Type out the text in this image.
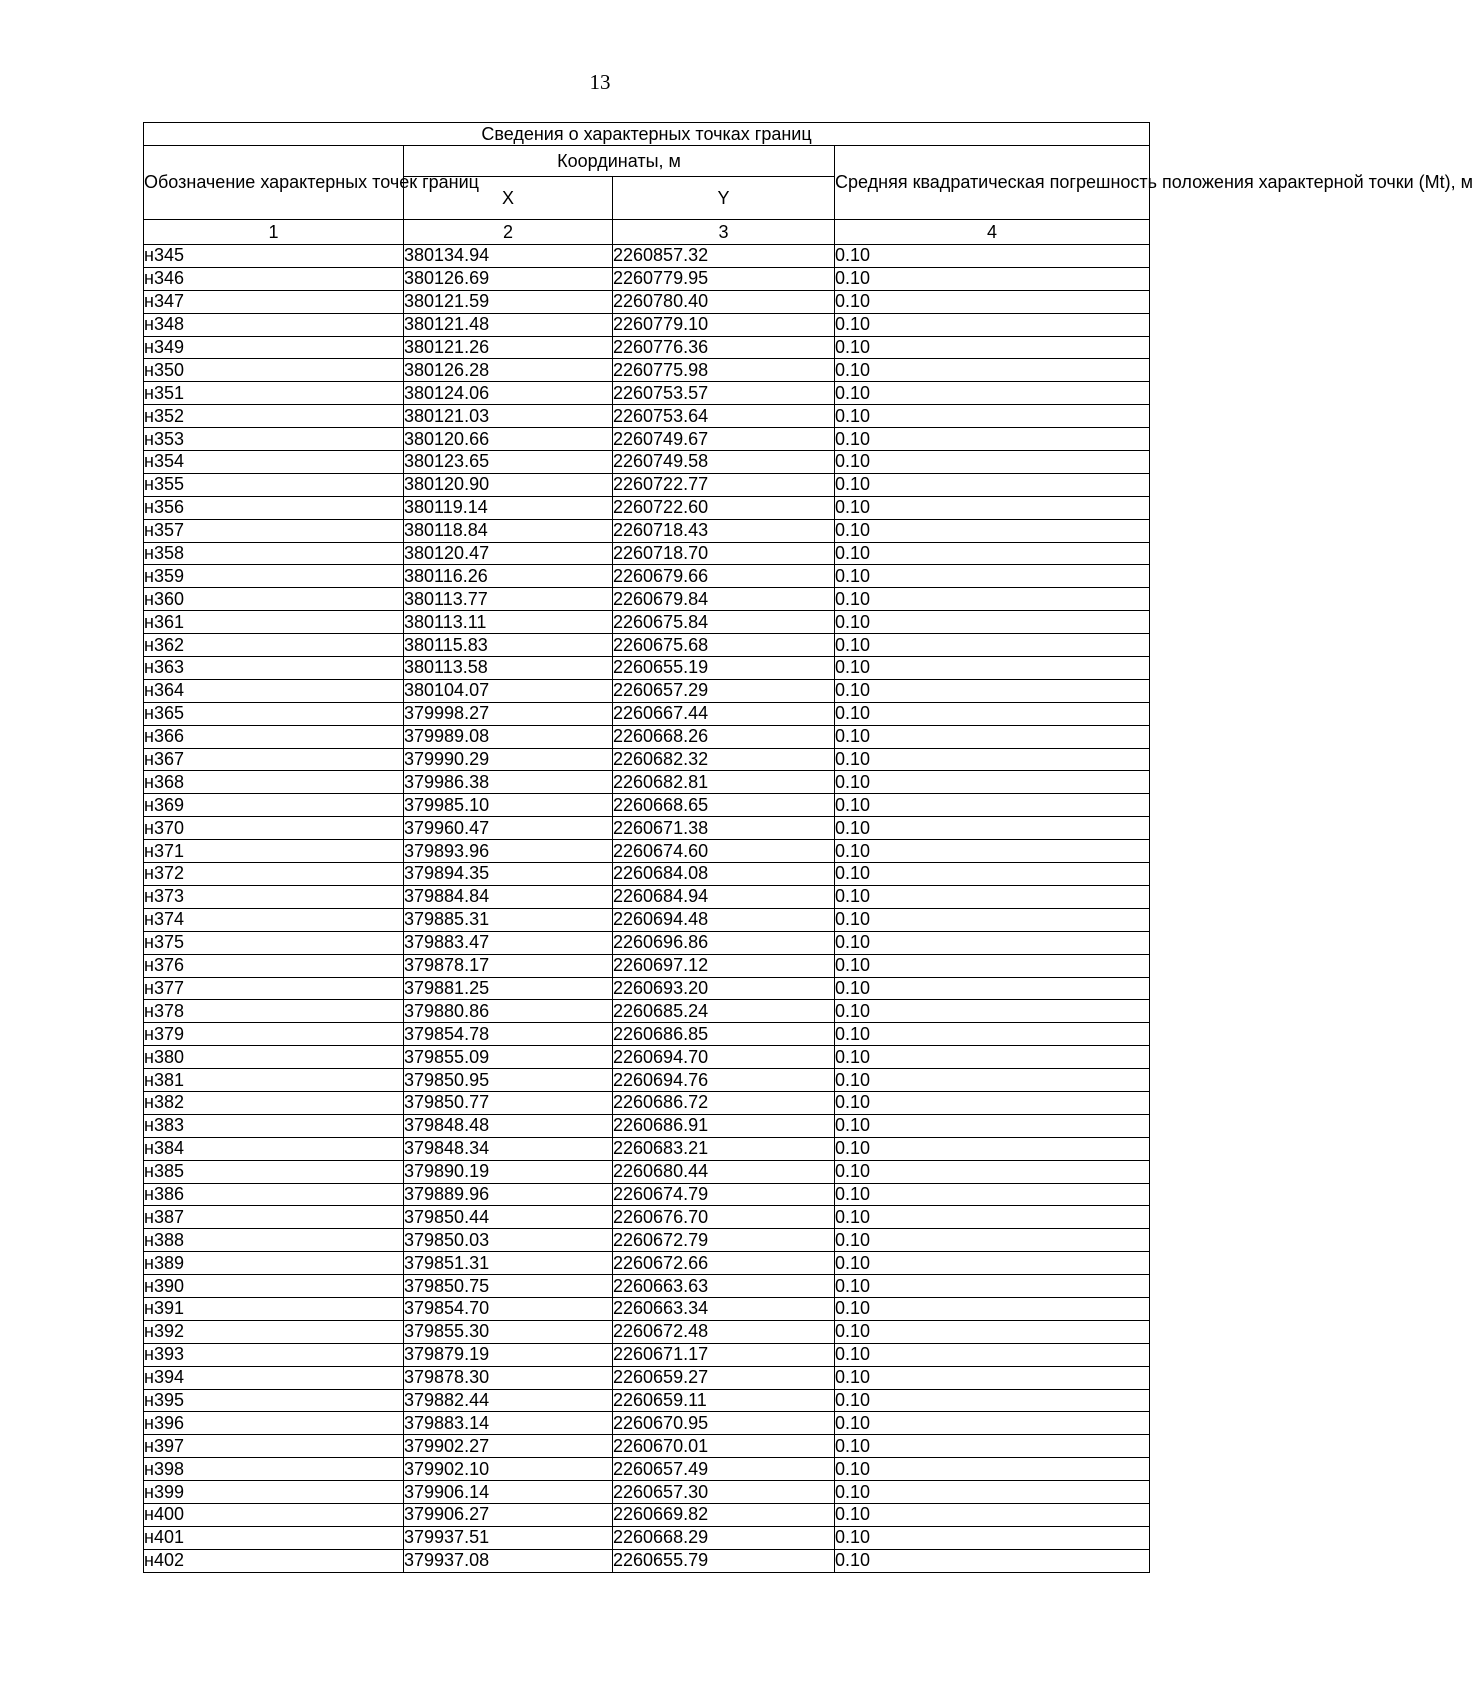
13
Сведения о характерных точках границ			
Обозначение характерных точек границ	Координаты, м		Средняя квадратическая погрешность положения характерной точки (Mt), м
	X	Y	
1	2	3	4
н345	380134.94	2260857.32	0.10
н346	380126.69	2260779.95	0.10
н347	380121.59	2260780.40	0.10
н348	380121.48	2260779.10	0.10
н349	380121.26	2260776.36	0.10
н350	380126.28	2260775.98	0.10
н351	380124.06	2260753.57	0.10
н352	380121.03	2260753.64	0.10
н353	380120.66	2260749.67	0.10
н354	380123.65	2260749.58	0.10
н355	380120.90	2260722.77	0.10
н356	380119.14	2260722.60	0.10
н357	380118.84	2260718.43	0.10
н358	380120.47	2260718.70	0.10
н359	380116.26	2260679.66	0.10
н360	380113.77	2260679.84	0.10
н361	380113.11	2260675.84	0.10
н362	380115.83	2260675.68	0.10
н363	380113.58	2260655.19	0.10
н364	380104.07	2260657.29	0.10
н365	379998.27	2260667.44	0.10
н366	379989.08	2260668.26	0.10
н367	379990.29	2260682.32	0.10
н368	379986.38	2260682.81	0.10
н369	379985.10	2260668.65	0.10
н370	379960.47	2260671.38	0.10
н371	379893.96	2260674.60	0.10
н372	379894.35	2260684.08	0.10
н373	379884.84	2260684.94	0.10
н374	379885.31	2260694.48	0.10
н375	379883.47	2260696.86	0.10
н376	379878.17	2260697.12	0.10
н377	379881.25	2260693.20	0.10
н378	379880.86	2260685.24	0.10
н379	379854.78	2260686.85	0.10
н380	379855.09	2260694.70	0.10
н381	379850.95	2260694.76	0.10
н382	379850.77	2260686.72	0.10
н383	379848.48	2260686.91	0.10
н384	379848.34	2260683.21	0.10
н385	379890.19	2260680.44	0.10
н386	379889.96	2260674.79	0.10
н387	379850.44	2260676.70	0.10
н388	379850.03	2260672.79	0.10
н389	379851.31	2260672.66	0.10
н390	379850.75	2260663.63	0.10
н391	379854.70	2260663.34	0.10
н392	379855.30	2260672.48	0.10
н393	379879.19	2260671.17	0.10
н394	379878.30	2260659.27	0.10
н395	379882.44	2260659.11	0.10
н396	379883.14	2260670.95	0.10
н397	379902.27	2260670.01	0.10
н398	379902.10	2260657.49	0.10
н399	379906.14	2260657.30	0.10
н400	379906.27	2260669.82	0.10
н401	379937.51	2260668.29	0.10
н402	379937.08	2260655.79	0.10
